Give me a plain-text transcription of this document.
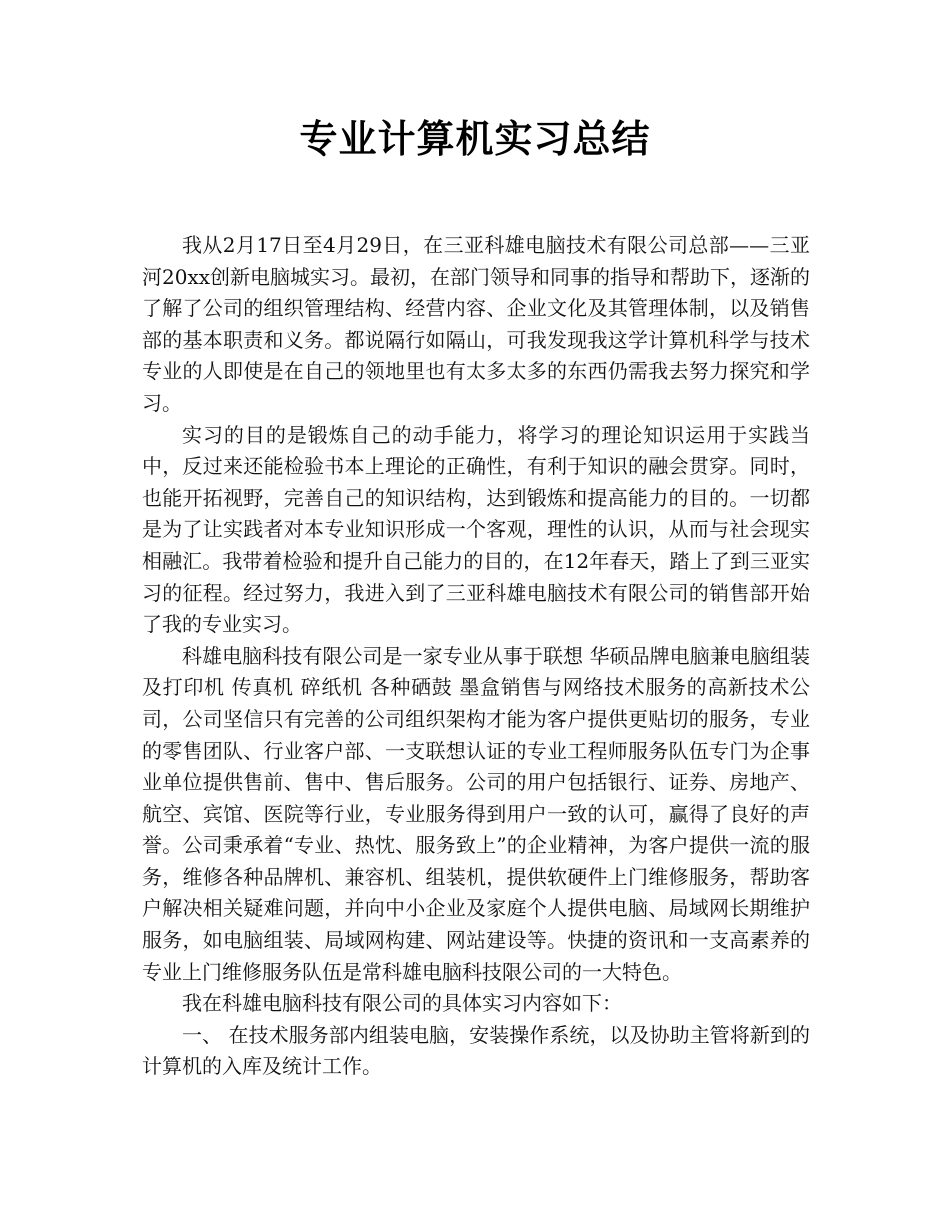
专业计算机实习总结

我从2月17日至4月29日，在三亚科雄电脑技术有限公司总部——三亚河20xx创新电脑城实习。最初，在部门领导和同事的指导和帮助下，逐渐的了解了公司的组织管理结构、经营内容、企业文化及其管理体制，以及销售部的基本职责和义务。都说隔行如隔山，可我发现我这学计算机科学与技术专业的人即使是在自己的领地里也有太多太多的东西仍需我去努力探究和学习。

实习的目的是锻炼自己的动手能力，将学习的理论知识运用于实践当中，反过来还能检验书本上理论的正确性，有利于知识的融会贯穿。同时，也能开拓视野，完善自己的知识结构，达到锻炼和提高能力的目的。一切都是为了让实践者对本专业知识形成一个客观，理性的认识，从而与社会现实相融汇。我带着检验和提升自己能力的目的，在12年春天，踏上了到三亚实习的征程。经过努力，我进入到了三亚科雄电脑技术有限公司的销售部开始了我的专业实习。

科雄电脑科技有限公司是一家专业从事于联想 华硕品牌电脑兼电脑组装及打印机 传真机 碎纸机 各种硒鼓 墨盒销售与网络技术服务的高新技术公司，公司坚信只有完善的公司组织架构才能为客户提供更贴切的服务，专业的零售团队、行业客户部、一支联想认证的专业工程师服务队伍专门为企事业单位提供售前、售中、售后服务。公司的用户包括银行、证券、房地产、航空、宾馆、医院等行业，专业服务得到用户一致的认可，赢得了良好的声誉。公司秉承着“专业、热忱、服务致上”的企业精神，为客户提供一流的服务，维修各种品牌机、兼容机、组装机，提供软硬件上门维修服务，帮助客户解决相关疑难问题，并向中小企业及家庭个人提供电脑、局域网长期维护服务，如电脑组装、局域网构建、网站建设等。快捷的资讯和一支高素养的专业上门维修服务队伍是常科雄电脑科技限公司的一大特色。

我在科雄电脑科技有限公司的具体实习内容如下：

一、 在技术服务部内组装电脑，安装操作系统，以及协助主管将新到的计算机的入库及统计工作。
